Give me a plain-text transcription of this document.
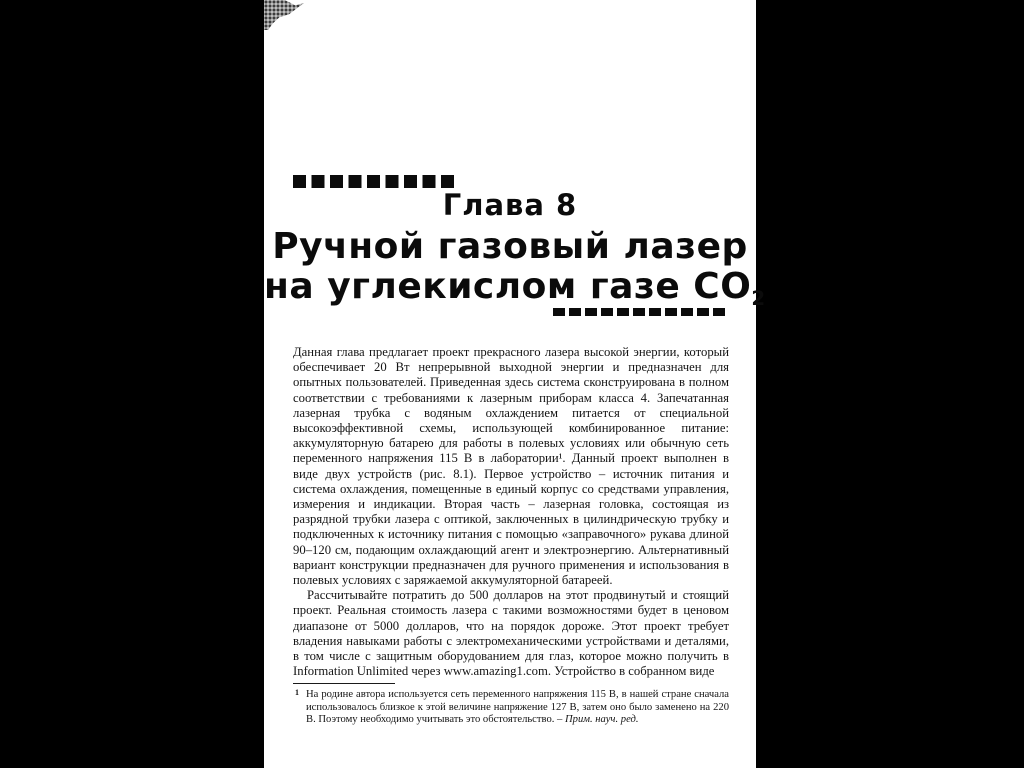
Глава 8
Ручной газовый лазер
на углекислом газе CO2

Данная глава предлагает проект прекрасного лазера высокой энергии, который обеспечивает 20 Вт непрерывной выходной энергии и предназначен для опытных пользователей. Приведенная здесь система сконструирована в полном соответствии с требованиями к лазерным приборам класса 4. Запечатанная лазерная трубка с водяным охлаждением питается от специальной высокоэффективной схемы, использующей комбинированное питание: аккумуляторную батарею для работы в полевых условиях или обычную сеть переменного напряжения 115 В в лаборатории¹. Данный проект выполнен в виде двух устройств (рис. 8.1). Первое устройство – источник питания и система охлаждения, помещенные в единый корпус со средствами управления, измерения и индикации. Вторая часть – лазерная головка, состоящая из разрядной трубки лазера с оптикой, заключенных в цилиндрическую трубку и подключенных к источнику питания с помощью «заправочного» рукава длиной 90–120 см, подающим охлаждающий агент и электроэнергию. Альтернативный вариант конструкции предназначен для ручного применения и использования в полевых условиях с заряжаемой аккумуляторной батареей.

Рассчитывайте потратить до 500 долларов на этот продвинутый и стоящий проект. Реальная стоимость лазера с такими возможностями будет в ценовом диапазоне от 5000 долларов, что на порядок дороже. Этот проект требует владения навыками работы с электромеханическими устройствами и деталями, в том числе с защитным оборудованием для глаз, которое можно получить в Information Unlimited через www.amazing1.com. Устройство в собранном виде

1 На родине автора используется сеть переменного напряжения 115 В, в нашей стране сначала использовалось близкое к этой величине напряжение 127 В, затем оно было заменено на 220 В. Поэтому необходимо учитывать это обстоятельство. – Прим. науч. ред.
